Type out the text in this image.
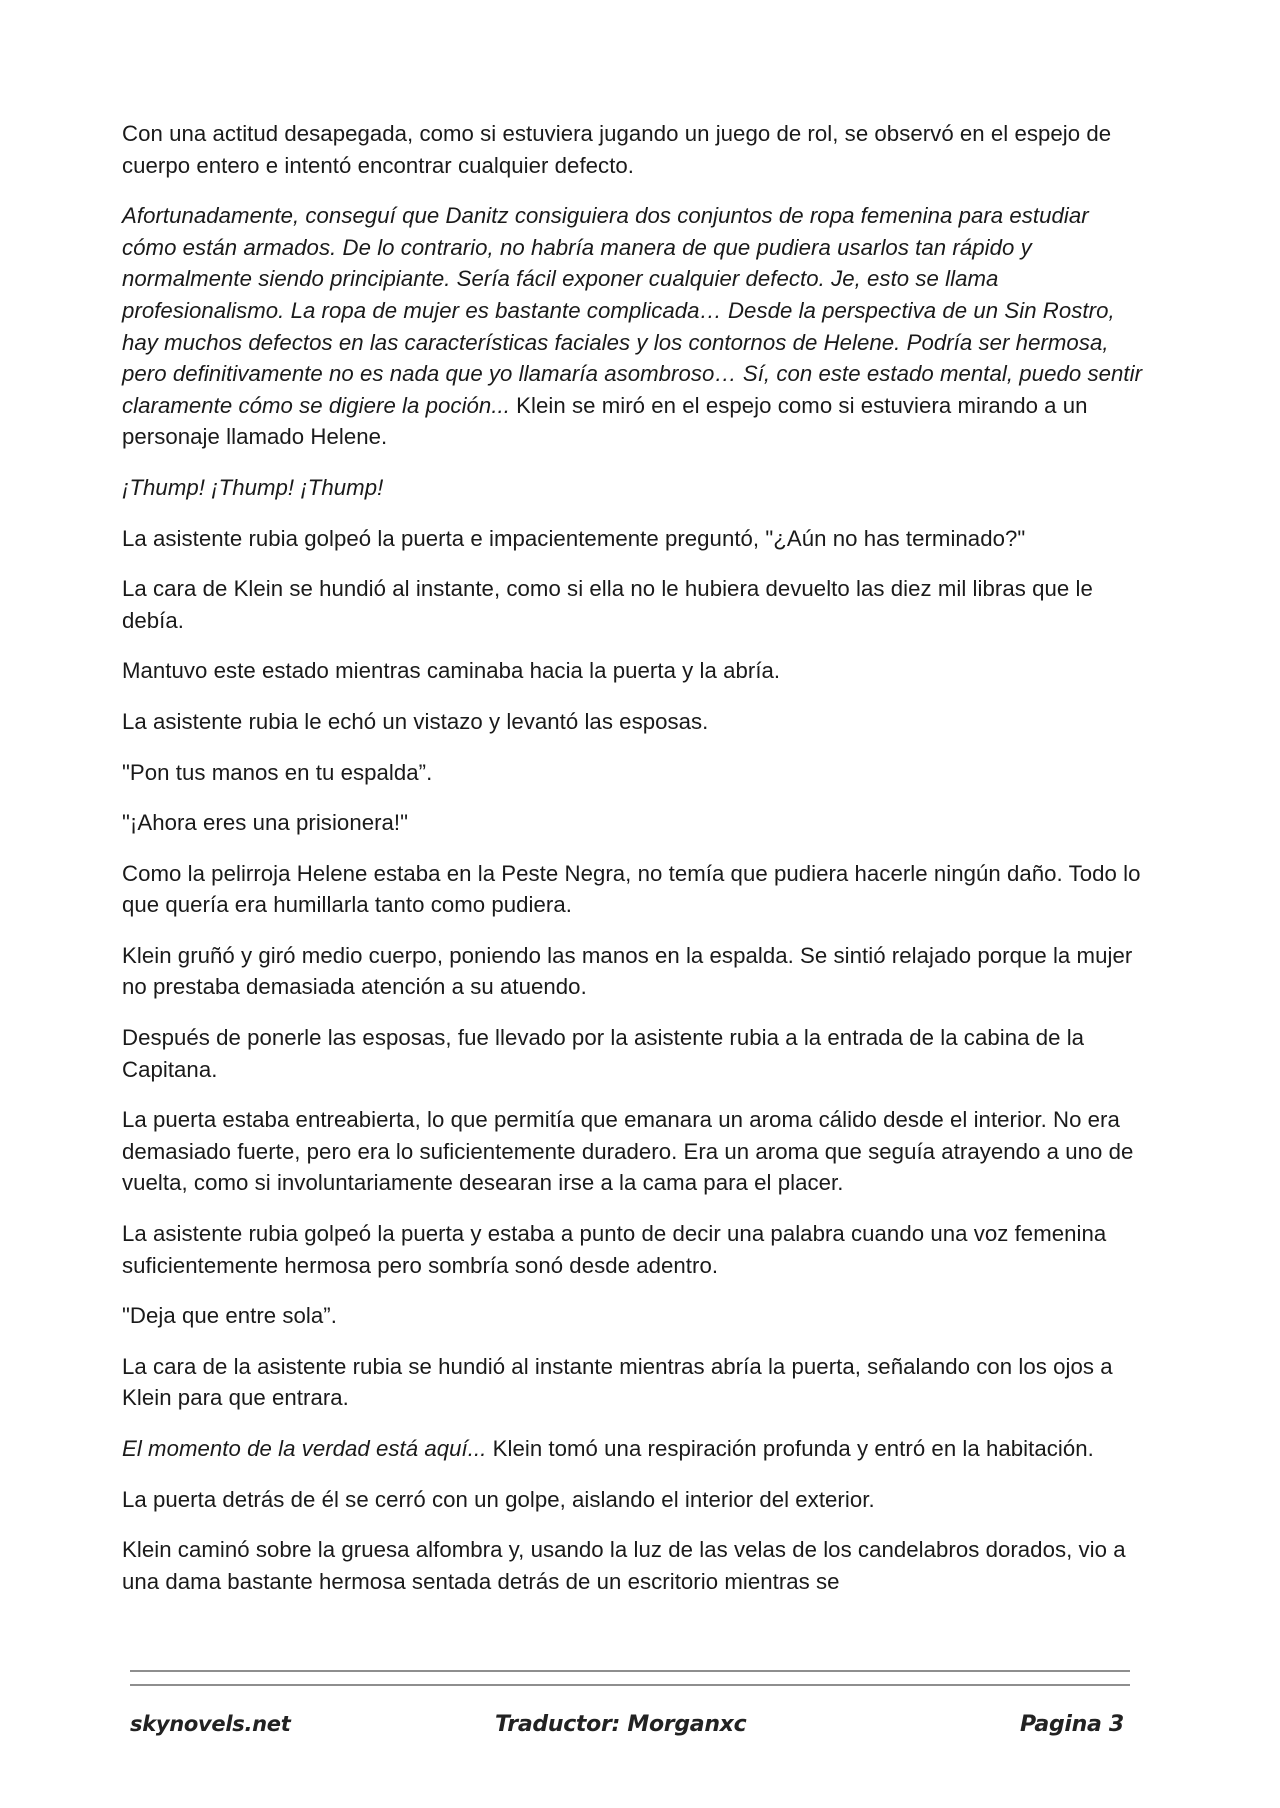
Con una actitud desapegada, como si estuviera jugando un juego de rol, se observó en el espejo de cuerpo entero e intentó encontrar cualquier defecto.

Afortunadamente, conseguí que Danitz consiguiera dos conjuntos de ropa femenina para estudiar cómo están armados. De lo contrario, no habría manera de que pudiera usarlos tan rápido y normalmente siendo principiante. Sería fácil exponer cualquier defecto. Je, esto se llama profesionalismo. La ropa de mujer es bastante complicada… Desde la perspectiva de un Sin Rostro, hay muchos defectos en las características faciales y los contornos de Helene. Podría ser hermosa, pero definitivamente no es nada que yo llamaría asombroso… Sí, con este estado mental, puedo sentir claramente cómo se digiere la poción... Klein se miró en el espejo como si estuviera mirando a un personaje llamado Helene.

¡Thump! ¡Thump! ¡Thump!

La asistente rubia golpeó la puerta e impacientemente preguntó, "¿Aún no has terminado?"

La cara de Klein se hundió al instante, como si ella no le hubiera devuelto las diez mil libras que le debía.

Mantuvo este estado mientras caminaba hacia la puerta y la abría.

La asistente rubia le echó un vistazo y levantó las esposas.

"Pon tus manos en tu espalda”.

"¡Ahora eres una prisionera!"

Como la pelirroja Helene estaba en la Peste Negra, no temía que pudiera hacerle ningún daño. Todo lo que quería era humillarla tanto como pudiera.

Klein gruñó y giró medio cuerpo, poniendo las manos en la espalda. Se sintió relajado porque la mujer no prestaba demasiada atención a su atuendo.

Después de ponerle las esposas, fue llevado por la asistente rubia a la entrada de la cabina de la Capitana.

La puerta estaba entreabierta, lo que permitía que emanara un aroma cálido desde el interior. No era demasiado fuerte, pero era lo suficientemente duradero. Era un aroma que seguía atrayendo a uno de vuelta, como si involuntariamente desearan irse a la cama para el placer.

La asistente rubia golpeó la puerta y estaba a punto de decir una palabra cuando una voz femenina suficientemente hermosa pero sombría sonó desde adentro.

"Deja que entre sola”.

La cara de la asistente rubia se hundió al instante mientras abría la puerta, señalando con los ojos a Klein para que entrara.

El momento de la verdad está aquí... Klein tomó una respiración profunda y entró en la habitación.

La puerta detrás de él se cerró con un golpe, aislando el interior del exterior.

Klein caminó sobre la gruesa alfombra y, usando la luz de las velas de los candelabros dorados, vio a una dama bastante hermosa sentada detrás de un escritorio mientras se

skynovels.net	Traductor: Morganxc	Pagina 3
